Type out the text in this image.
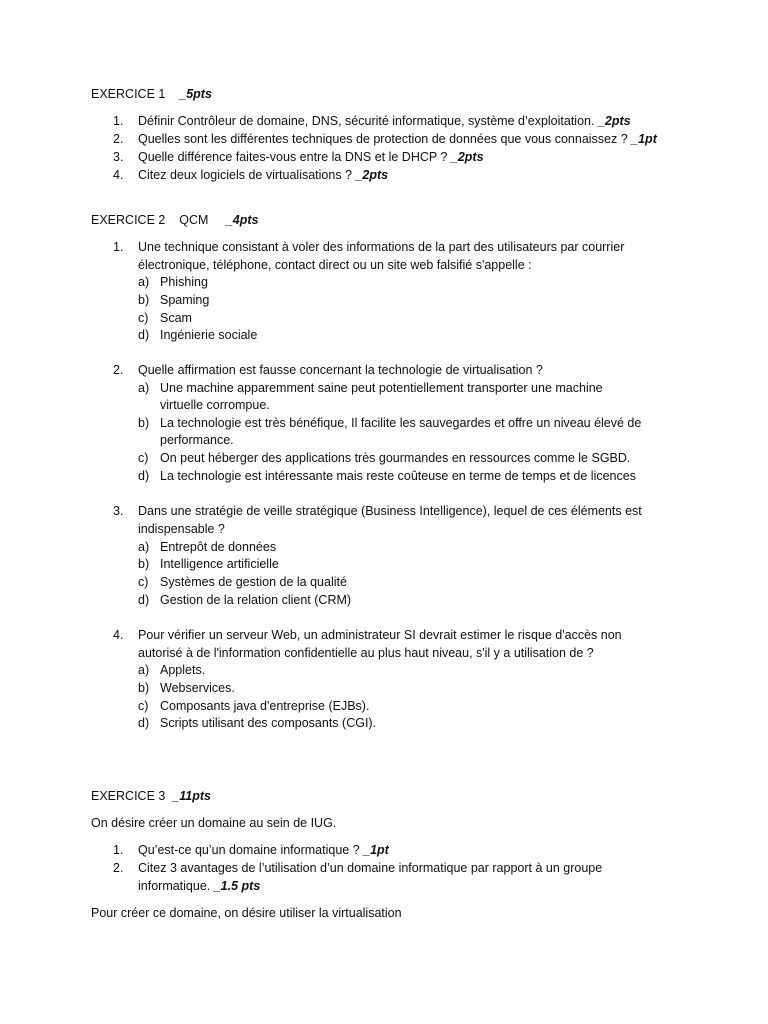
EXERCICE 1 _5pts
1. Définir Contrôleur de domaine, DNS, sécurité informatique, système d’exploitation. _2pts
2. Quelles sont les différentes techniques de protection de données que vous connaissez ? _1pt
3. Quelle différence faites-vous entre la DNS et le DHCP ? _2pts
4. Citez deux logiciels de virtualisations ? _2pts
EXERCICE 2 QCM _4pts
1. Une technique consistant à voler des informations de la part des utilisateurs par courrier
électronique, téléphone, contact direct ou un site web falsifié s'appelle :
a) Phishing
b) Spaming
c) Scam
d) Ingénierie sociale
2. Quelle affirmation est fausse concernant la technologie de virtualisation ?
a) Une machine apparemment saine peut potentiellement transporter une machine
virtuelle corrompue.
b) La technologie est très bénéfique, Il facilite les sauvegardes et offre un niveau élevé de
performance.
c) On peut héberger des applications très gourmandes en ressources comme le SGBD.
d) La technologie est intéressante mais reste coûteuse en terme de temps et de licences
3. Dans une stratégie de veille stratégique (Business Intelligence), lequel de ces éléments est
indispensable ?
a) Entrepôt de données
b) Intelligence artificielle
c) Systèmes de gestion de la qualité
d) Gestion de la relation client (CRM)
4. Pour vérifier un serveur Web, un administrateur SI devrait estimer le risque d'accès non
autorisé à de l'information confidentielle au plus haut niveau, s'il y a utilisation de ?
a) Applets.
b) Webservices.
c) Composants java d'entreprise (EJBs).
d) Scripts utilisant des composants (CGI).
EXERCICE 3 _11pts
On désire créer un domaine au sein de IUG.
1. Qu’est-ce qu’un domaine informatique ? _1pt
2. Citez 3 avantages de l’utilisation d’un domaine informatique par rapport à un groupe
informatique. _1.5 pts
Pour créer ce domaine, on désire utiliser la virtualisation
